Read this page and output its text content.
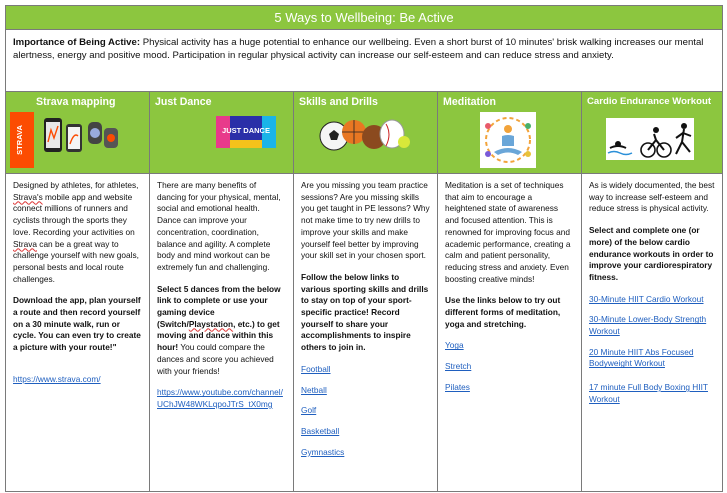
5 Ways to Wellbeing: Be Active
Importance of Being Active: Physical activity has a huge potential to enhance our wellbeing. Even a short burst of 10 minutes' brisk walking increases our mental alertness, energy and positive mood. Participation in regular physical activity can increase our self-esteem and can reduce stress and anxiety.
Strava mapping
STRAVA

Designed by athletes, for athletes, Strava's mobile app and website connect millions of runners and cyclists through the sports they love. Recording your activities on Strava can be a great way to challenge yourself with new goals, personal bests and local route challenges.

Download the app, plan yourself a route and then record yourself on a 30 minute walk, run or cycle. You can even try to create a picture with your route!"

https://www.strava.com/
Just Dance
JUST DANCE

There are many benefits of dancing for your physical, mental, social and emotional health. Dance can improve your concentration, coordination, balance and agility. A complete body and mind workout can be extremely fun and challenging.

Select 5 dances from the below link to complete or use your gaming device (Switch/Playstation, etc.) to get moving and dance within this hour! You could compare the dances and score you achieved with your friends!

https://www.youtube.com/channel/UChJW48WKLqpoJTrS_tX0mg
Skills and Drills

Are you missing you team practice sessions? Are you missing skills you get taught in PE lessons? Why not make time to try new drills to improve your skills and make yourself feel better by improving your skill set in your chosen sport.

Follow the below links to various sporting skills and drills to stay on top of your sport-specific practice! Record yourself to share your accomplishments to inspire others to join in.

Football
Netball
Golf
Basketball
Gymnastics
Meditation

Meditation is a set of techniques that aim to encourage a heightened state of awareness and focused attention. This is renowned for improving focus and academic performance, creating a calm and patient personality, reducing stress and anxiety. Even boosting creative minds!

Use the links below to try out different forms of meditation, yoga and stretching.

Yoga
Stretch
Pilates
Cardio Endurance Workout

As is widely documented, the best way to increase self-esteem and reduce stress is physical activity.

Select and complete one (or more) of the below cardio endurance workouts in order to improve your cardiorespiratory fitness.

30-Minute HIIT Cardio Workout
30-Minute Lower-Body Strength Workout
20 Minute HIIT Abs Focused Bodyweight Workout
17 minute Full Body Boxing HIIT Workout
